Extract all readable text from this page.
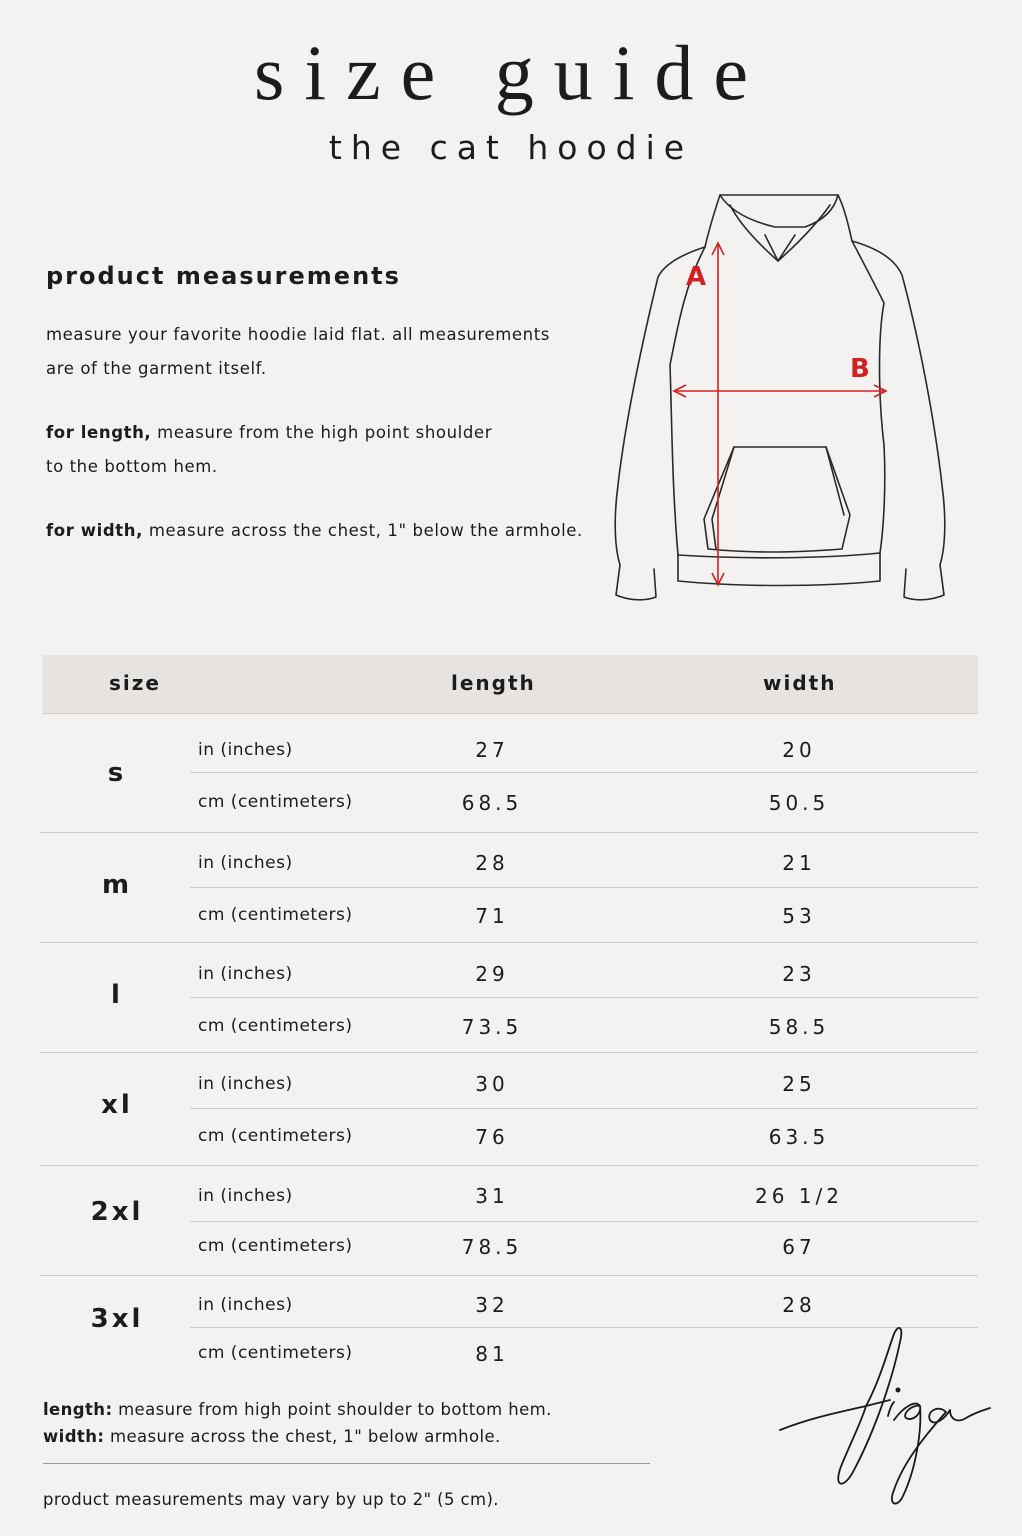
size guide
the cat hoodie
product measurements
measure your favorite hoodie laid flat. all measurements
are of the garment itself.
for length, measure from the high point shoulder
to the bottom hem.
for width, measure across the chest, 1" below the armhole.
A
B
size	length	width
s
in (inches)	27	20
cm (centimeters)	68.5	50.5
m
in (inches)	28	21
cm (centimeters)	71	53
l
in (inches)	29	23
cm (centimeters)	73.5	58.5
xl
in (inches)	30	25
cm (centimeters)	76	63.5
2xl
in (inches)	31	26 1/2
cm (centimeters)	78.5	67
3xl	in (inches)	32	28
cm (centimeters)	81
length: measure from high point shoulder to bottom hem.
width: measure across the chest, 1" below armhole.
product measurements may vary by up to 2" (5 cm).
